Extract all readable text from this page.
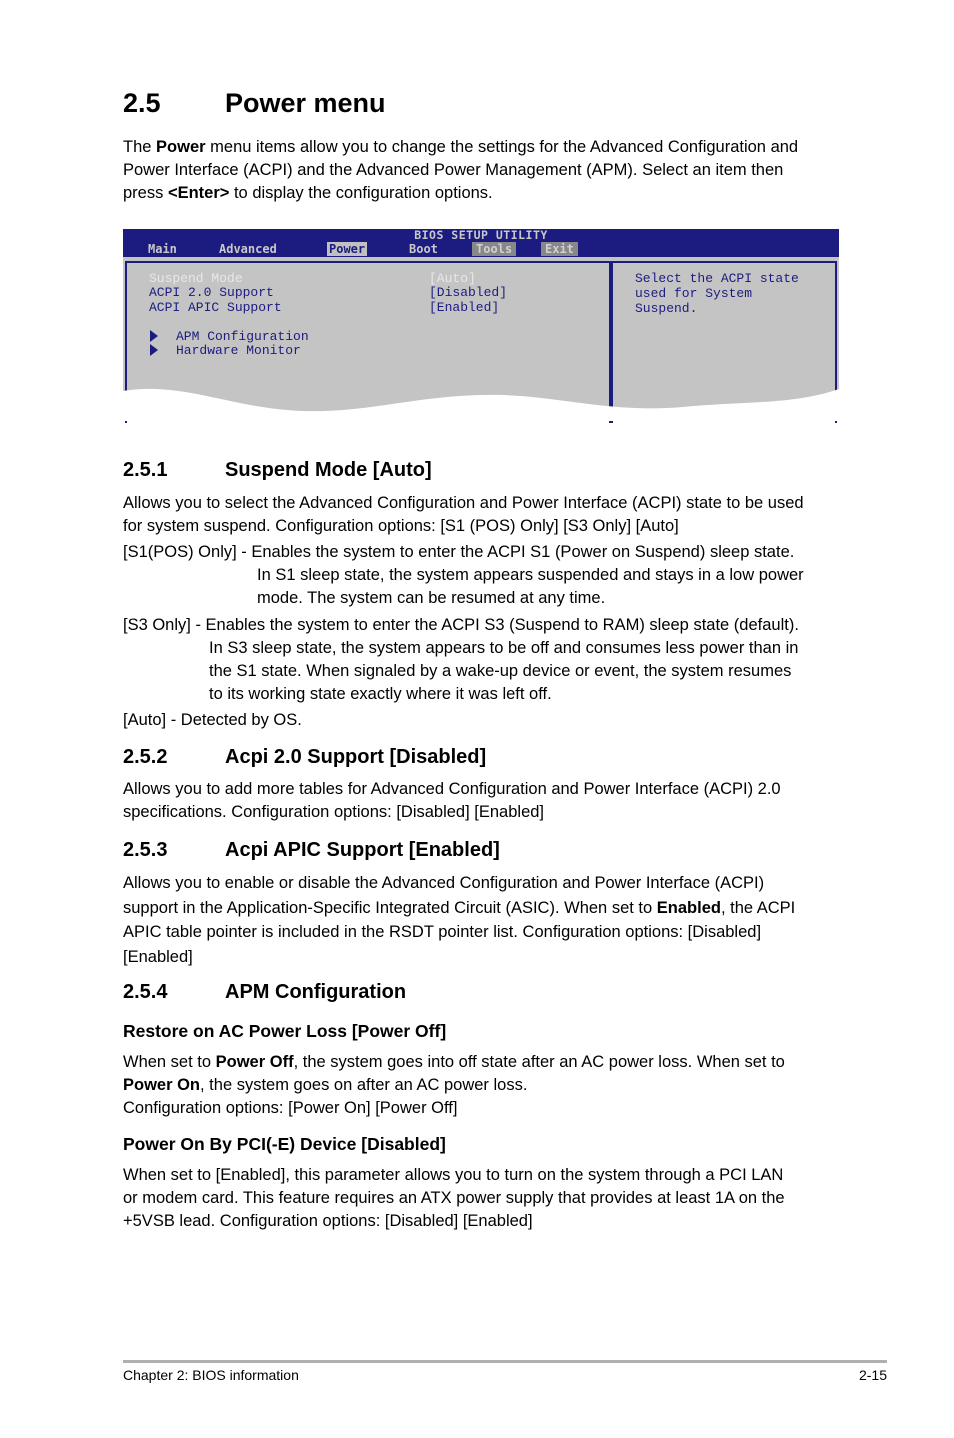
2.5 Power menu
The Power menu items allow you to change the settings for the Advanced Configuration and
Power Interface (ACPI) and the Advanced Power Management (APM). Select an item then
press <Enter> to display the configuration options.
BIOS SETUP UTILITY
Main	Advanced	Power	Boot	Tools	Exit
Suspend Mode	[Auto]
ACPI 2.0 Support	[Disabled]
ACPI APIC Support	[Enabled]
APM Configuration
Hardware Monitor
Select the ACPI state
used for System
Suspend.
2.5.1	Suspend Mode [Auto]
Allows you to select the Advanced Configuration and Power Interface (ACPI) state to be used
for system suspend. Configuration options: [S1 (POS) Only] [S3 Only] [Auto]
[S1(POS) Only] - Enables the system to enter the ACPI S1 (Power on Suspend) sleep state.
In S1 sleep state, the system appears suspended and stays in a low power
mode. The system can be resumed at any time.
[S3 Only] - Enables the system to enter the ACPI S3 (Suspend to RAM) sleep state (default).
In S3 sleep state, the system appears to be off and consumes less power than in
the S1 state. When signaled by a wake-up device or event, the system resumes
to its working state exactly where it was left off.
[Auto] - Detected by OS.
2.5.2	Acpi 2.0 Support [Disabled]
Allows you to add more tables for Advanced Configuration and Power Interface (ACPI) 2.0
specifications. Configuration options: [Disabled] [Enabled]
2.5.3	Acpi APIC Support [Enabled]
Allows you to enable or disable the Advanced Configuration and Power Interface (ACPI)
support in the Application-Specific Integrated Circuit (ASIC). When set to Enabled, the ACPI
APIC table pointer is included in the RSDT pointer list. Configuration options: [Disabled]
[Enabled]
2.5.4	APM Configuration
Restore on AC Power Loss [Power Off]
When set to Power Off, the system goes into off state after an AC power loss. When set to
Power On, the system goes on after an AC power loss.
Configuration options: [Power On] [Power Off]
Power On By PCI(-E) Device [Disabled]
When set to [Enabled], this parameter allows you to turn on the system through a PCI LAN
or modem card. This feature requires an ATX power supply that provides at least 1A on the
+5VSB lead. Configuration options: [Disabled] [Enabled]
Chapter 2: BIOS information	2-15
